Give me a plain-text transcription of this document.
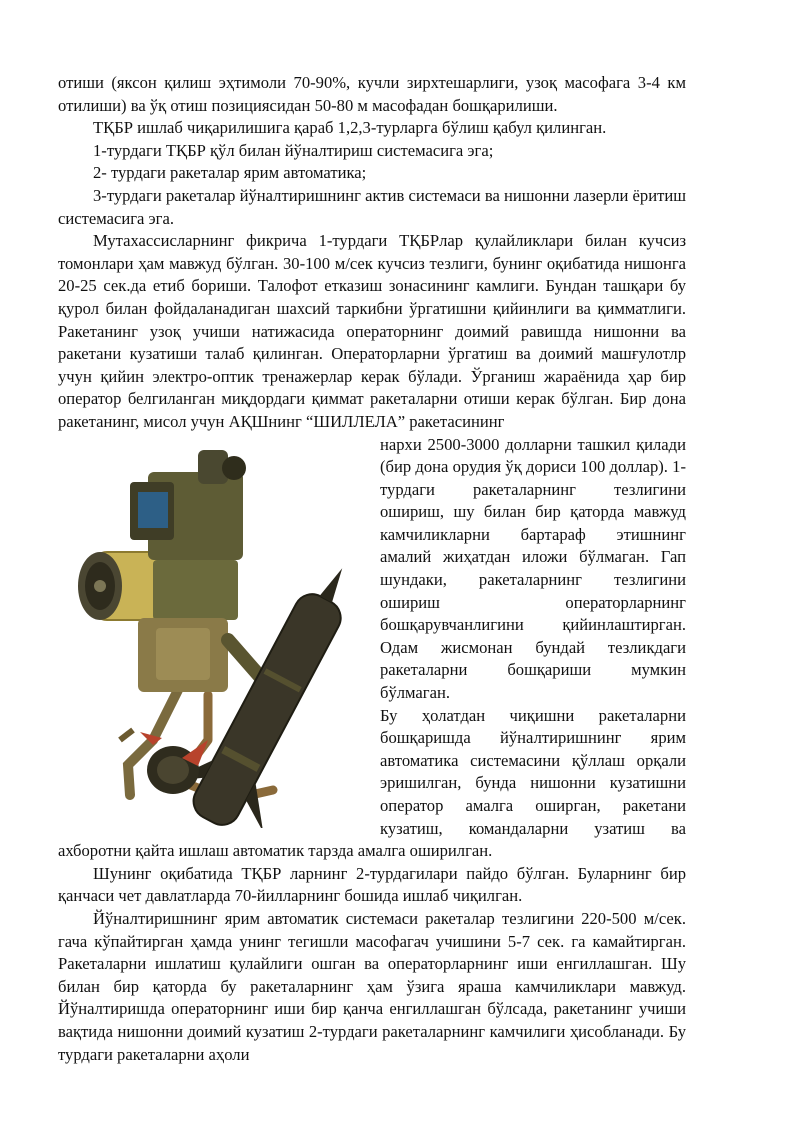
отиши (яксон қилиш эҳтимоли 70-90%, кучли зирхтешарлиги, узоқ масофага 3-4 км отилиши) ва ўқ отиш позициясидан 50-80 м масофадан бошқарилиши.

ТҚБР ишлаб чиқарилишига қараб 1,2,3-турларга бўлиш қабул қилинган.

1-турдаги ТҚБР қўл билан йўналтириш системасига эга;

2- турдаги ракеталар ярим автоматика;

3-турдаги ракеталар йўналтиришнинг актив системаси ва нишонни лазерли ёритиш системасига эга.

Мутахассисларнинг фикрича 1-турдаги ТҚБРлар қулайликлари билан кучсиз томонлари ҳам мавжуд бўлган. 30-100 м/сек кучсиз тезлиги, бунинг оқибатида нишонга 20-25 сек.да етиб бориши. Талофот етказиш зонасининг камлиги. Бундан ташқари бу қурол билан фойдаланадиган шахсий таркибни ўргатишни қийинлиги ва қимматлиги. Ракетанинг узоқ учиши натижасида операторнинг доимий равишда нишонни ва ракетани кузатиши талаб қилинган. Операторларни ўргатиш ва доимий машғулотлр учун қийин электро-оптик тренажерлар керак бўлади. Ўрганиш жараёнида ҳар бир оператор белгиланган миқдордаги қиммат ракеталарни отиши керак бўлган. Бир дона ракетанинг, мисол учун АҚШнинг “ШИЛЛЕЛА” ракетасининг

нархи 2500-3000 долларни ташкил қилади (бир дона орудия ўқ дориси 100 доллар). 1-турдаги ракеталарнинг тезлигини ошириш, шу билан бир қаторда мавжуд камчиликларни бартараф этишнинг амалий жиҳатдан иложи бўлмаган. Гап шундаки, ракеталарнинг тезлигини ошириш операторларнинг бошқарувчанлигини қийинлаштирган. Одам жисмонан бундай тезликдаги ракеталарни бошқариши мумкин бўлмаган.

Бу ҳолатдан чиқишни ракеталарни бошқаришда йўналтиришнинг ярим автоматика системасини қўллаш орқали эришилган, бунда нишонни кузатишни оператор амалга оширган, ракетани кузатиш, командаларни узатиш ва ахборотни қайта ишлаш автоматик тарзда амалга оширилган.

Шунинг оқибатида ТҚБР ларнинг 2-турдагилари пайдо бўлган. Буларнинг бир қанчаси чет давлатларда 70-йилларнинг бошида ишлаб чиқилган.

Йўналтиришнинг ярим автоматик системаси ракеталар тезлигини 220-500 м/сек. гача кўпайтирган ҳамда унинг тегишли масофагач учишини 5-7 сек. га камайтирган. Ракеталарни ишлатиш қулайлиги ошган ва операторларнинг иши енгиллашган. Шу билан бир қаторда бу ракеталарнинг ҳам ўзига яраша камчиликлари мавжуд. Йўналтиришда операторнинг иши бир қанча енгиллашган бўлсада, ракетанинг учиши вақтида нишонни доимий кузатиш 2-турдаги ракеталарнинг камчилиги ҳисобланади. Бу турдаги ракеталарни аҳоли
